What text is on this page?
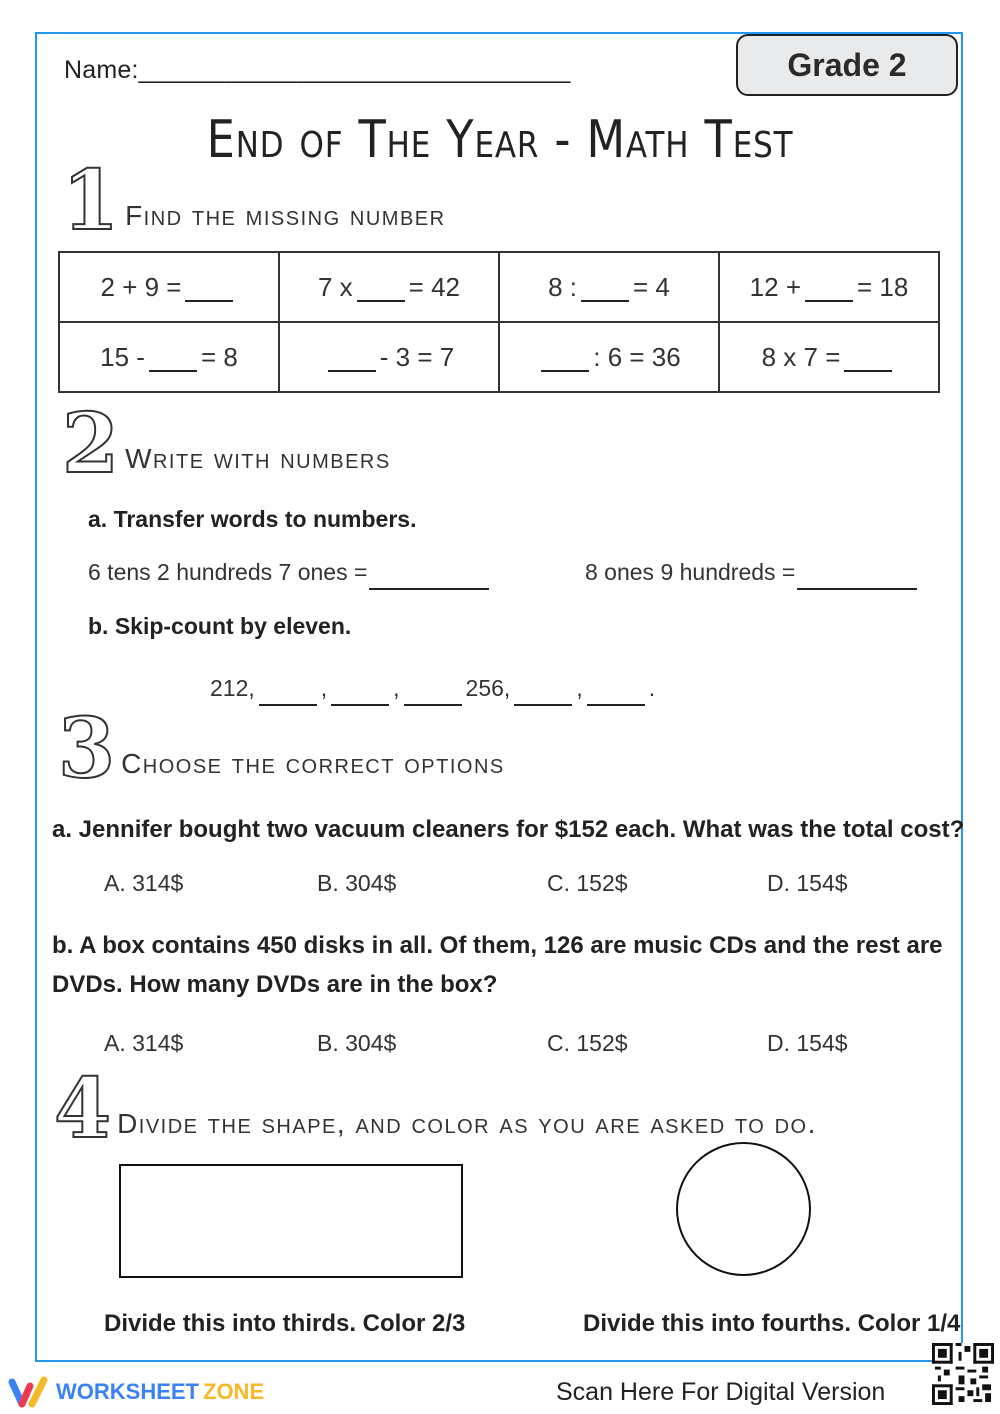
Name:______________________________	Grade 2
End of The Year - Math Test
1 Find the missing number
2 + 9 =	7 x = 42	8 : = 4	12 + = 18
15 - = 8	- 3 = 7	: 6 = 36	8 x 7 =
2 Write with numbers
a. Transfer words to numbers.
6 tens 2 hundreds 7 ones =	8 ones 9 hundreds =
b. Skip-count by eleven.
212,	,	,	256,	,	.
3 Choose the correct options
a. Jennifer bought two vacuum cleaners for $152 each. What was the total cost?
A. 314$	B. 304$	C. 152$	D. 154$
b. A box contains 450 disks in all. Of them, 126 are music CDs and the rest are
DVDs. How many DVDs are in the box?
A. 314$	B. 304$	C. 152$	D. 154$
4 Divide the shape, and color as you are asked to do.
Divide this into thirds. Color 2/3	Divide this into fourths. Color 1/4
WORKSHEET ZONE	Scan Here For Digital Version
